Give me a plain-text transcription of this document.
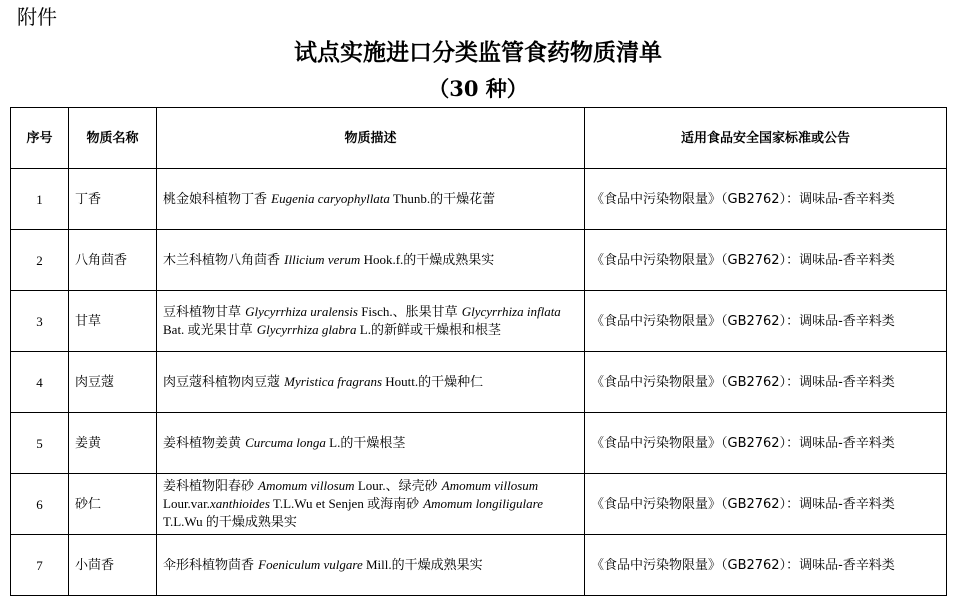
附件
试点实施进口分类监管食药物质清单
（30 种）
序号	物质名称	物质描述	适用食品安全国家标准或公告
1	丁香	桃金娘科植物丁香 Eugenia caryophyllata Thunb.的干燥花蕾	《食品中污染物限量》（GB2762）：调味品-香辛料类
2	八角茴香	木兰科植物八角茴香 Illicium verum Hook.f.的干燥成熟果实	《食品中污染物限量》（GB2762）：调味品-香辛料类
3	甘草	豆科植物甘草 Glycyrrhiza uralensis Fisch.、胀果甘草 Glycyrrhiza inflata Bat. 或光果甘草 Glycyrrhiza glabra L.的新鲜或干燥根和根茎	《食品中污染物限量》（GB2762）：调味品-香辛料类
4	肉豆蔻	肉豆蔻科植物肉豆蔻 Myristica fragrans Houtt.的干燥种仁	《食品中污染物限量》（GB2762）：调味品-香辛料类
5	姜黄	姜科植物姜黄 Curcuma longa L.的干燥根茎	《食品中污染物限量》（GB2762）：调味品-香辛料类
6	砂仁	姜科植物阳春砂 Amomum villosum Lour.、绿壳砂 Amomum villosum Lour.var.xanthioides T.L.Wu et Senjen 或海南砂 Amomum longiligulare T.L.Wu 的干燥成熟果实	《食品中污染物限量》（GB2762）：调味品-香辛料类
7	小茴香	伞形科植物茴香 Foeniculum vulgare Mill.的干燥成熟果实	《食品中污染物限量》（GB2762）：调味品-香辛料类
